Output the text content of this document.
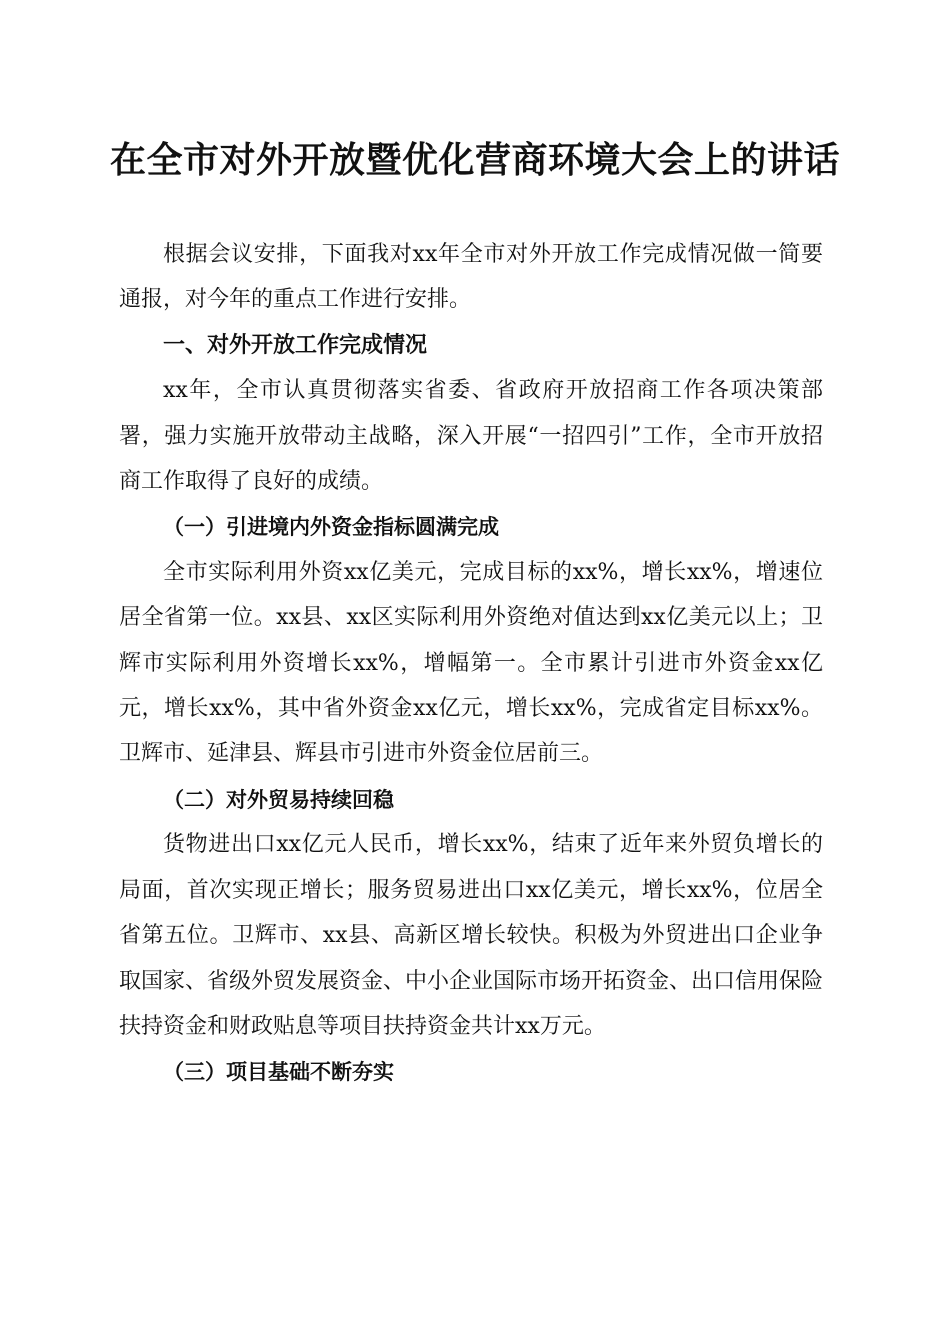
在全市对外开放暨优化营商环境大会上的讲话

根据会议安排，下面我对xx年全市对外开放工作完成情况做一简要通报，对今年的重点工作进行安排。

一、对外开放工作完成情况

xx年，全市认真贯彻落实省委、省政府开放招商工作各项决策部署，强力实施开放带动主战略，深入开展“一招四引”工作，全市开放招商工作取得了良好的成绩。

（一）引进境内外资金指标圆满完成

全市实际利用外资xx亿美元，完成目标的xx%，增长xx%，增速位居全省第一位。xx县、xx区实际利用外资绝对值达到xx亿美元以上；卫辉市实际利用外资增长xx%，增幅第一。全市累计引进市外资金xx亿元，增长xx%，其中省外资金xx亿元，增长xx%，完成省定目标xx%。卫辉市、延津县、辉县市引进市外资金位居前三。

（二）对外贸易持续回稳

货物进出口xx亿元人民币，增长xx%，结束了近年来外贸负增长的局面，首次实现正增长；服务贸易进出口xx亿美元，增长xx%，位居全省第五位。卫辉市、xx县、高新区增长较快。积极为外贸进出口企业争取国家、省级外贸发展资金、中小企业国际市场开拓资金、出口信用保险扶持资金和财政贴息等项目扶持资金共计xx万元。

（三）项目基础不断夯实
